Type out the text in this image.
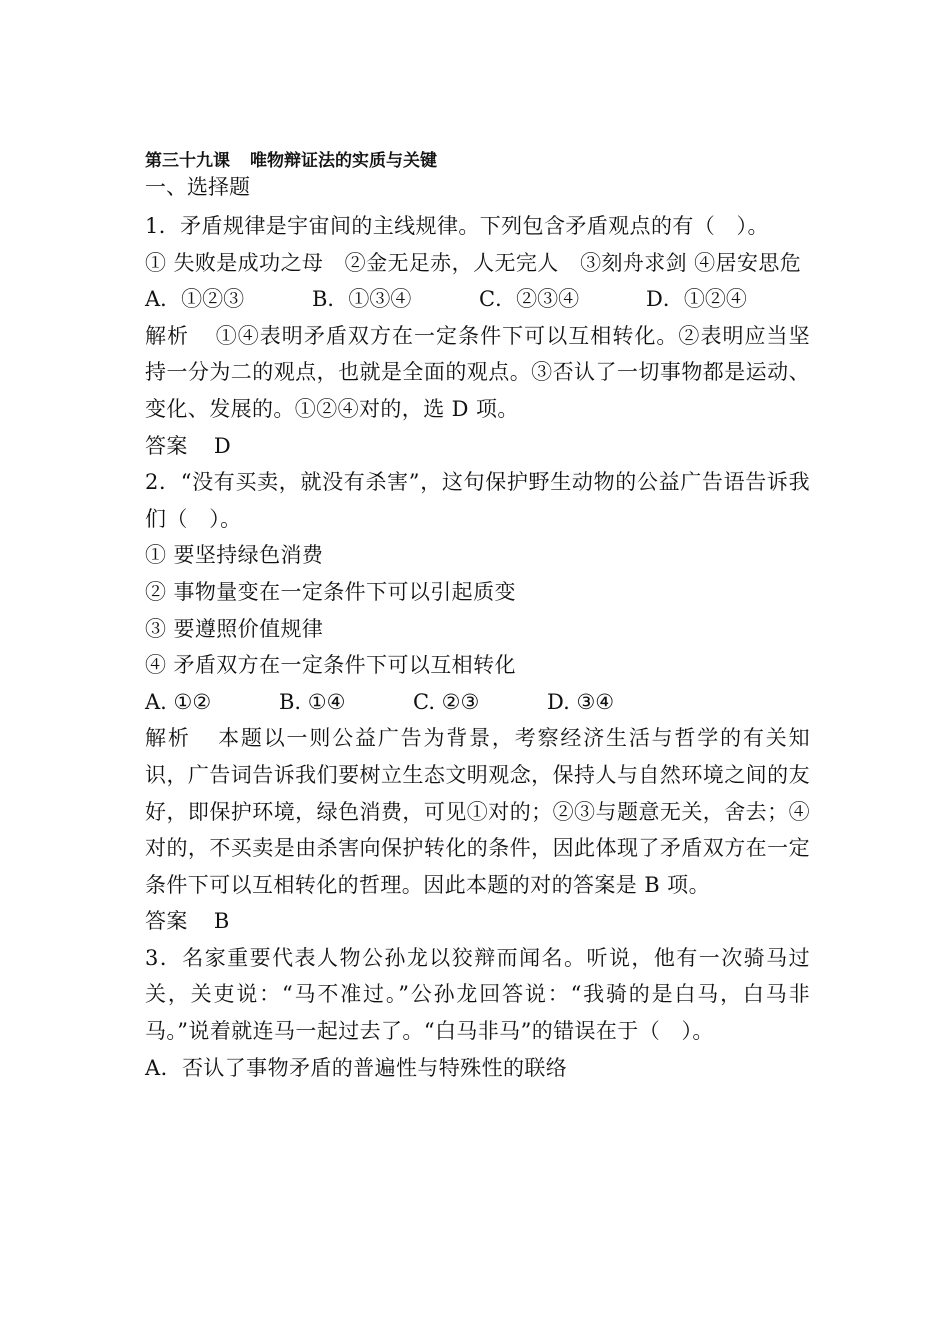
第三十九课 唯物辩证法的实质与关键
一、选择题

1．矛盾规律是宇宙间的主线规律。下列包含矛盾观点的有（　）。

① 失败是成功之母　②金无足赤，人无完人　③刻舟求剑 ④居安思危

A．①②③	B．①③④	C．②③④	D．①②④

解析 ①④表明矛盾双方在一定条件下可以互相转化。②表明应当坚持一分为二的观点，也就是全面的观点。③否认了一切事物都是运动、变化、发展的。①②④对的，选 D 项。

答案 D

2．“没有买卖，就没有杀害”，这句保护野生动物的公益广告语告诉我们（　）。

① 要坚持绿色消费

② 事物量变在一定条件下可以引起质变

③ 要遵照价值规律

④ 矛盾双方在一定条件下可以互相转化

A. ①②	B. ①④	C. ②③	D. ③④

解析 本题以一则公益广告为背景，考察经济生活与哲学的有关知识，广告词告诉我们要树立生态文明观念，保持人与自然环境之间的友好，即保护环境，绿色消费，可见①对的；②③与题意无关，舍去；④对的，不买卖是由杀害向保护转化的条件，因此体现了矛盾双方在一定条件下可以互相转化的哲理。因此本题的对的答案是 B 项。

答案 B

3．名家重要代表人物公孙龙以狡辩而闻名。听说，他有一次骑马过关，关吏说：“马不准过。”公孙龙回答说：“我骑的是白马，白马非马。”说着就连马一起过去了。“白马非马”的错误在于（　）。

A．否认了事物矛盾的普遍性与特殊性的联络
